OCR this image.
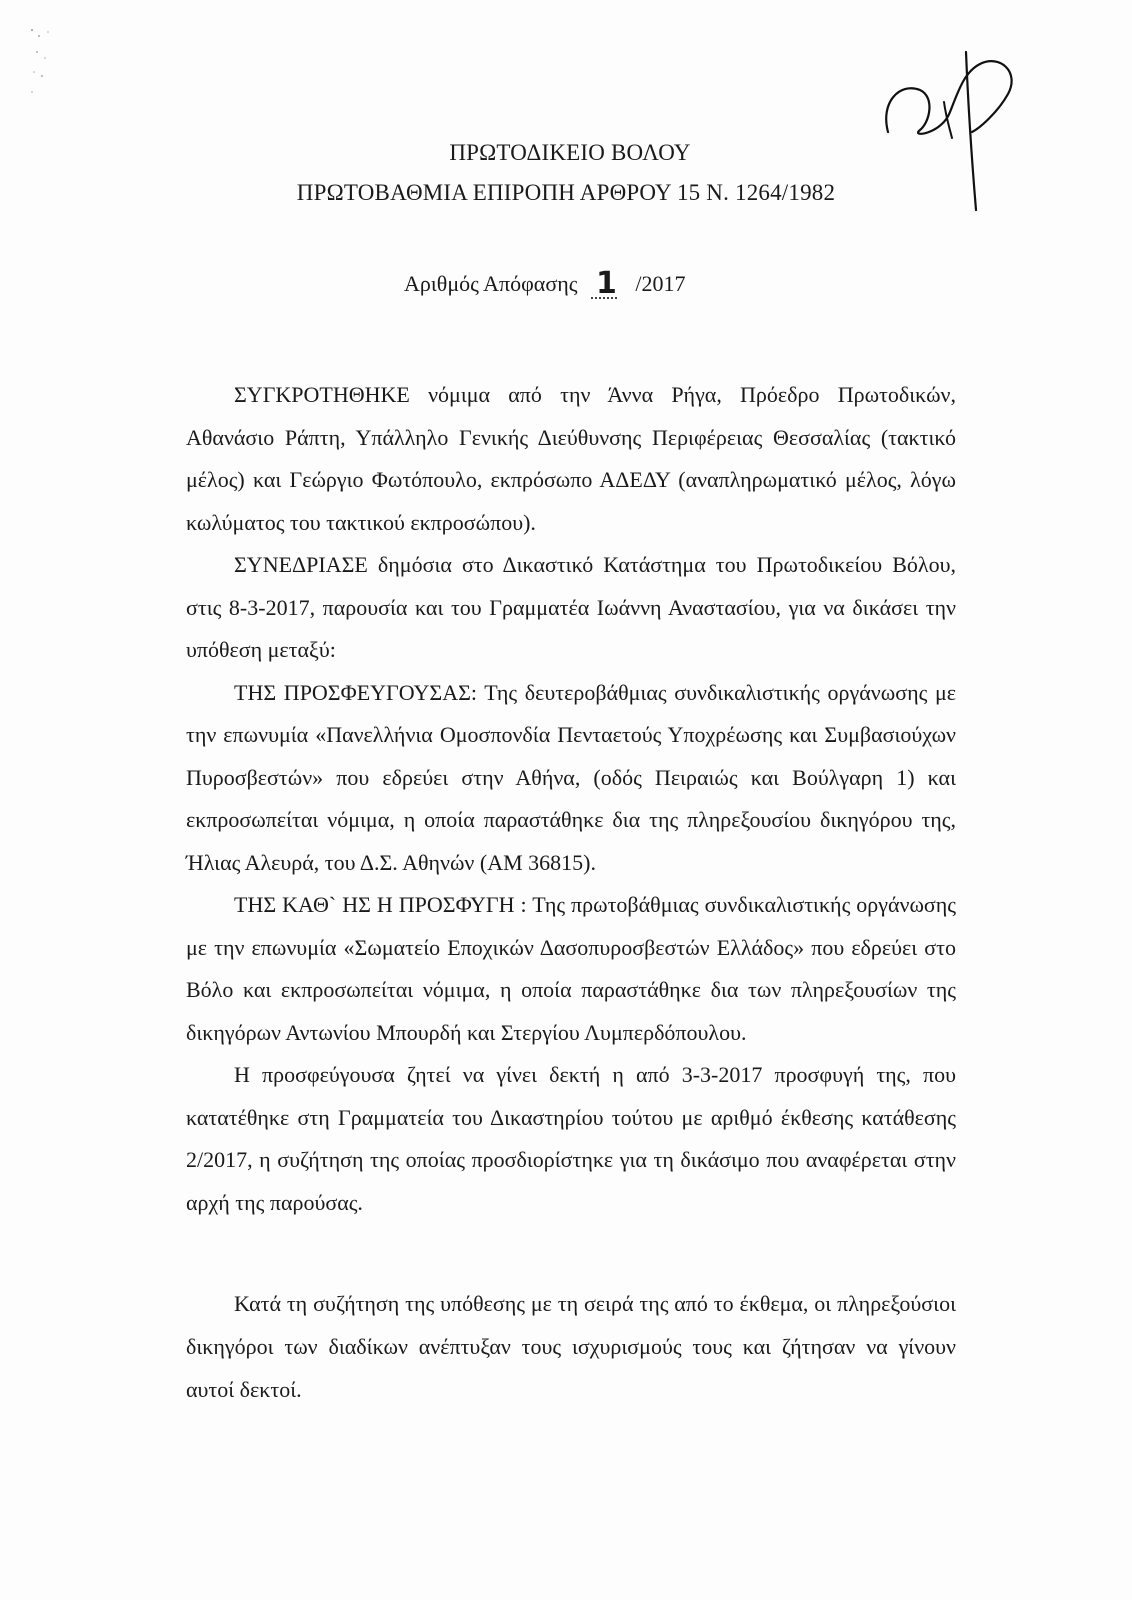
ΠΡΩΤΟΔΙΚΕΙΟ ΒΟΛΟΥ
ΠΡΩΤΟΒΑΘΜΙΑ ΕΠΙΡΟΠΗ ΑΡΘΡΟΥ 15 Ν. 1264/1982
Αριθμός Απόφασης 1 /2017

ΣΥΓΚΡΟΤΗΘΗΚΕ νόμιμα από την Άννα Ρήγα, Πρόεδρο Πρωτοδικών, Αθανάσιο Ράπτη, Υπάλληλο Γενικής Διεύθυνσης Περιφέρειας Θεσσαλίας (τακτικό μέλος) και Γεώργιο Φωτόπουλο, εκπρόσωπο ΑΔΕΔΥ (αναπληρωματικό μέλος, λόγω κωλύματος του τακτικού εκπροσώπου).

ΣΥΝΕΔΡΙΑΣΕ δημόσια στο Δικαστικό Κατάστημα του Πρωτοδικείου Βόλου, στις 8-3-2017, παρουσία και του Γραμματέα Ιωάννη Αναστασίου, για να δικάσει την υπόθεση μεταξύ:

ΤΗΣ ΠΡΟΣΦΕΥΓΟΥΣΑΣ: Της δευτεροβάθμιας συνδικαλιστικής οργάνωσης με την επωνυμία «Πανελλήνια Ομοσπονδία Πενταετούς Υποχρέωσης και Συμβασιούχων Πυροσβεστών» που εδρεύει στην Αθήνα, (οδός Πειραιώς και Βούλγαρη 1) και εκπροσωπείται νόμιμα, η οποία παραστάθηκε δια της πληρεξουσίου δικηγόρου της, Ήλιας Αλευρά, του Δ.Σ. Αθηνών (ΑΜ 36815).

ΤΗΣ ΚΑΘ` ΗΣ Η ΠΡΟΣΦΥΓΗ : Της πρωτοβάθμιας συνδικαλιστικής οργάνωσης με την επωνυμία «Σωματείο Εποχικών Δασοπυροσβεστών Ελλάδος» που εδρεύει στο Βόλο και εκπροσωπείται νόμιμα, η οποία παραστάθηκε δια των πληρεξουσίων της δικηγόρων Αντωνίου Μπουρδή και Στεργίου Λυμπερδόπουλου.

Η προσφεύγουσα ζητεί να γίνει δεκτή η από 3-3-2017 προσφυγή της, που κατατέθηκε στη Γραμματεία του Δικαστηρίου τούτου με αριθμό έκθεσης κατάθεσης 2/2017, η συζήτηση της οποίας προσδιορίστηκε για τη δικάσιμο που αναφέρεται στην αρχή της παρούσας.

Κατά τη συζήτηση της υπόθεσης με τη σειρά της από το έκθεμα, οι πληρεξούσιοι δικηγόροι των διαδίκων ανέπτυξαν τους ισχυρισμούς τους και ζήτησαν να γίνουν αυτοί δεκτοί.
